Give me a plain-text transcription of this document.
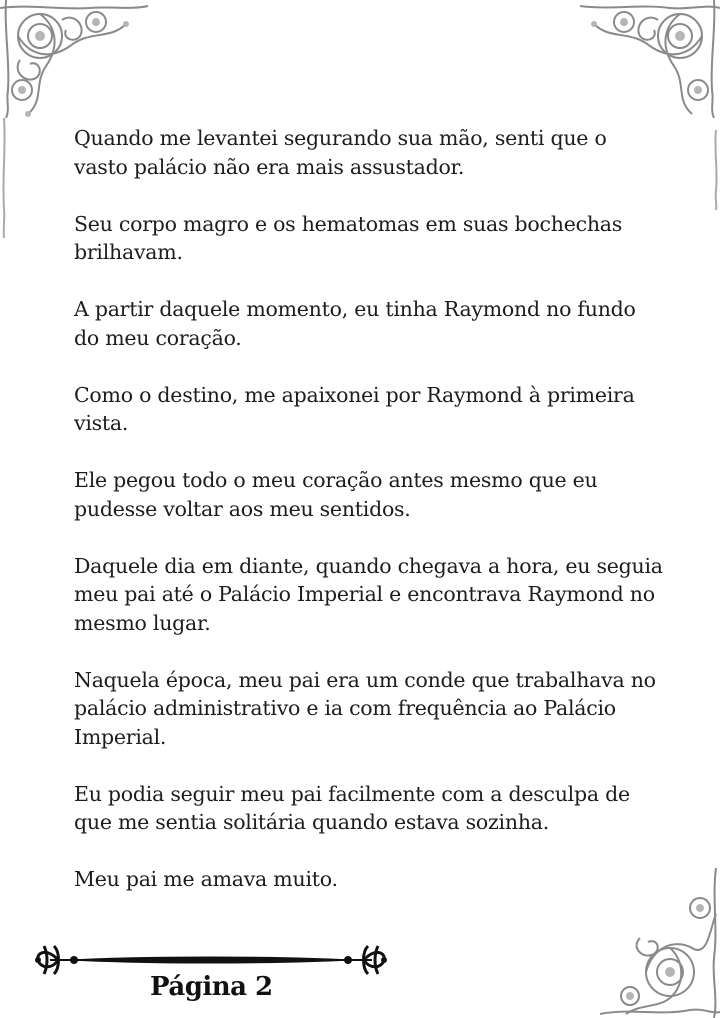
Quando me levantei segurando sua mão, senti que o vasto palácio não era mais assustador.

Seu corpo magro e os hematomas em suas bochechas brilhavam.

A partir daquele momento, eu tinha Raymond no fundo do meu coração.

Como o destino, me apaixonei por Raymond à primeira vista.

Ele pegou todo o meu coração antes mesmo que eu pudesse voltar aos meu sentidos.

Daquele dia em diante, quando chegava a hora, eu seguia meu pai até o Palácio Imperial e encontrava Raymond no mesmo lugar.

Naquela época, meu pai era um conde que trabalhava no palácio administrativo e ia com frequência ao Palácio Imperial.

Eu podia seguir meu pai facilmente com a desculpa de que me sentia solitária quando estava sozinha.

Meu pai me amava muito.

Página 2
